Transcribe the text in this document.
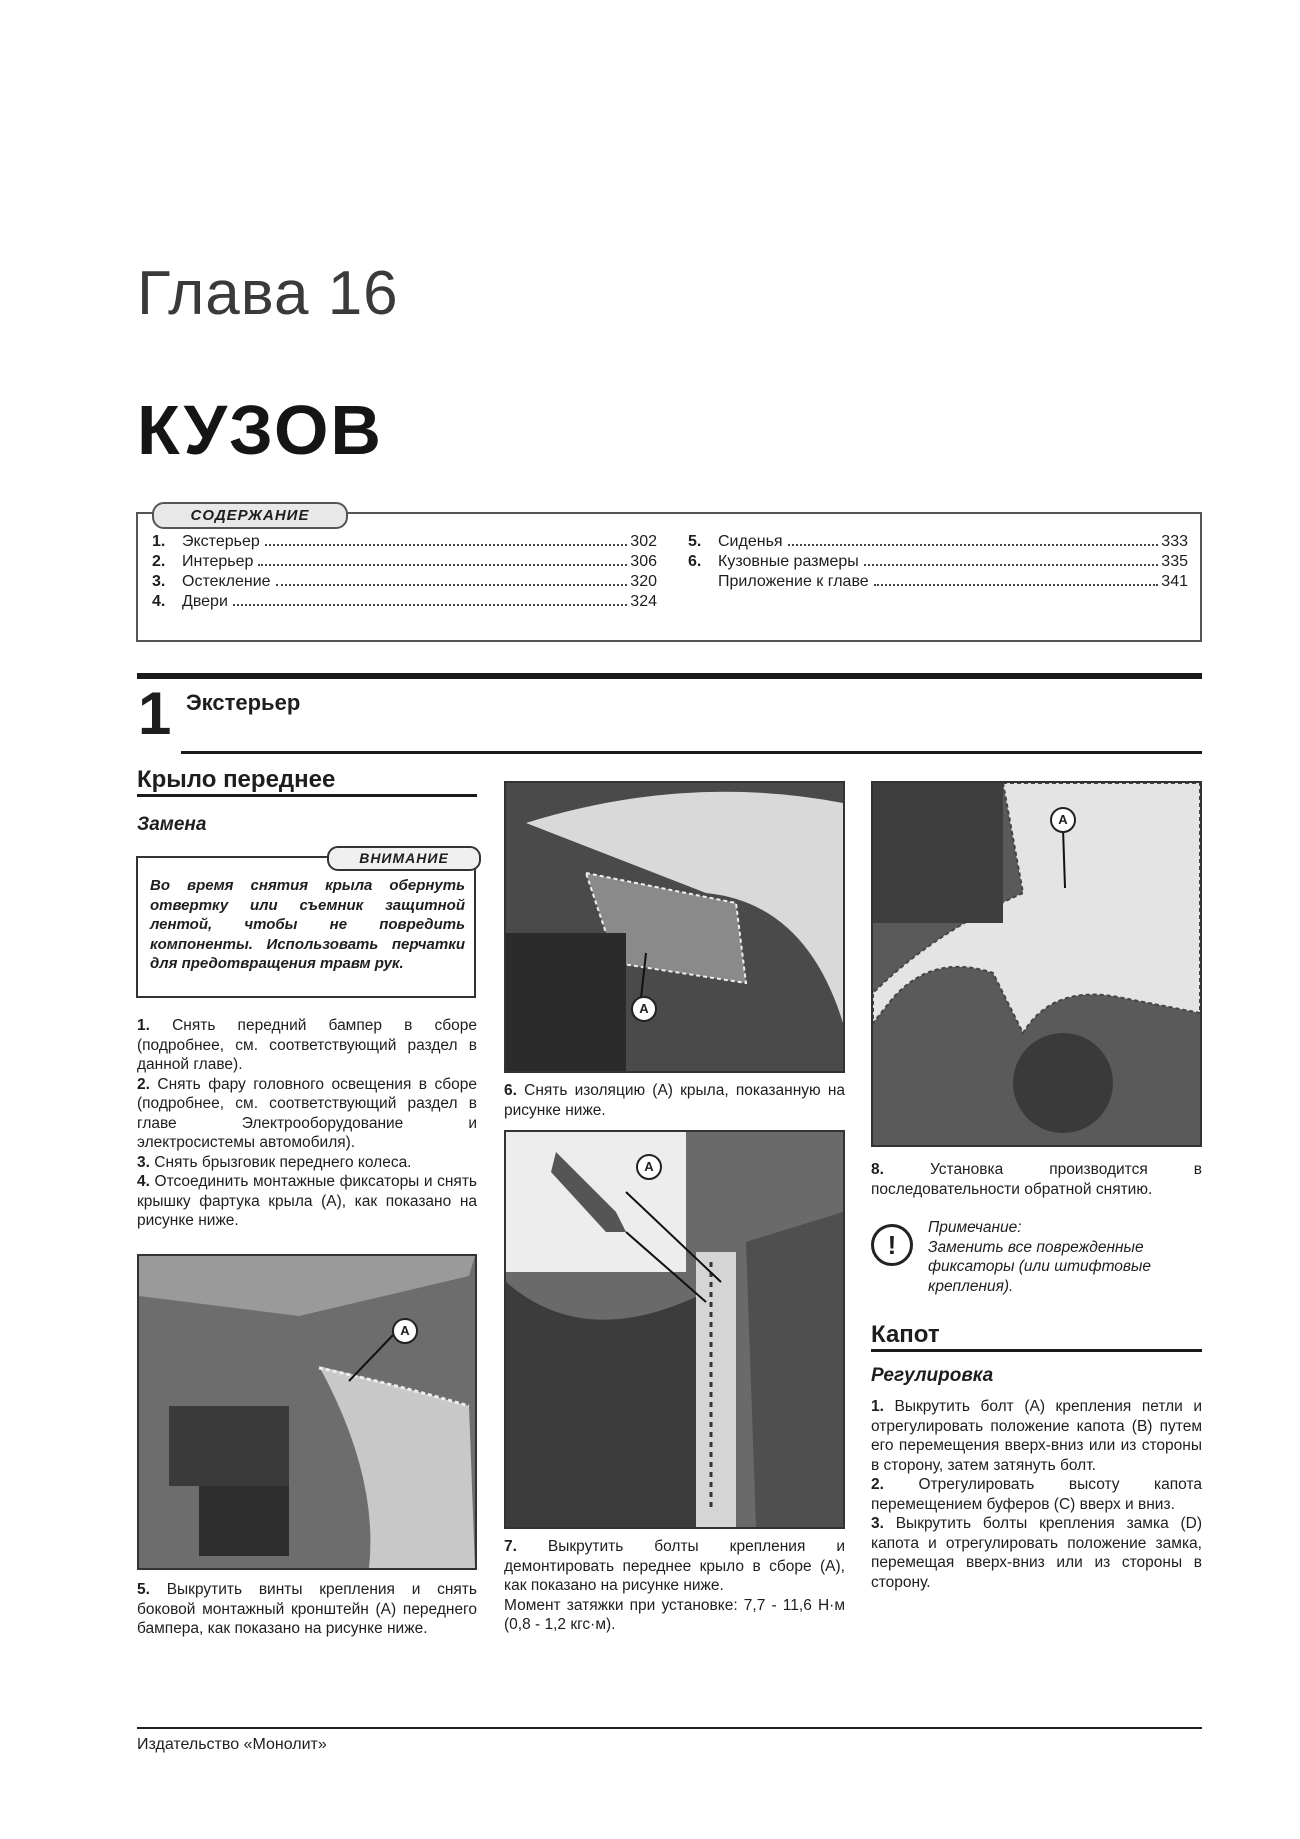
Глава 16
КУЗОВ
СОДЕРЖАНИЕ
1.	Экстерьер	302
2.	Интерьер	306
3.	Остекление	320
4.	Двери	324
5.	Сиденья	333
6.	Кузовные размеры	335
Приложение к главе	341
1 Экстерьер
Крыло переднее
Замена
ВНИМАНИЕ
Во время снятия крыла обернуть отвертку или съемник защитной лентой, чтобы не повредить компоненты. Использовать перчатки для предотвращения травм рук.

1. Снять передний бампер в сборе (подробнее, см. соответствующий раздел в данной главе).

2. Снять фару головного освещения в сборе (подробнее, см. соответствующий раздел в главе Электрооборудование и электросистемы автомобиля).

3. Снять брызговик переднего колеса.

4. Отсоединить монтажные фиксаторы и снять крышку фартука крыла (A), как показано на рисунке ниже.

A

5. Выкрутить винты крепления и снять боковой монтажный кронштейн (A) переднего бампера, как показано на рисунке ниже.

A

6. Снять изоляцию (A) крыла, показанную на рисунке ниже.

A

7. Выкрутить болты крепления и демонтировать переднее крыло в сборе (A), как показано на рисунке ниже.

Момент затяжки при установке: 7,7 - 11,6 Н·м (0,8 - 1,2 кгс·м).

A

8.	Установка производится в последовательности обратной снятию.

!
Примечание:
Заменить все поврежденные фиксаторы (или штифтовые крепления).
Капот
Регулировка

1. Выкрутить болт (A) крепления петли и отрегулировать положение капота (B) путем его перемещения вверх-вниз или из стороны в сторону, затем затянуть болт.

2. Отрегулировать высоту капота перемещением буферов (C) вверх и вниз.

3. Выкрутить болты крепления замка (D) капота и отрегулировать положение замка, перемещая вверх-вниз или из стороны в сторону.

Издательство «Монолит»
